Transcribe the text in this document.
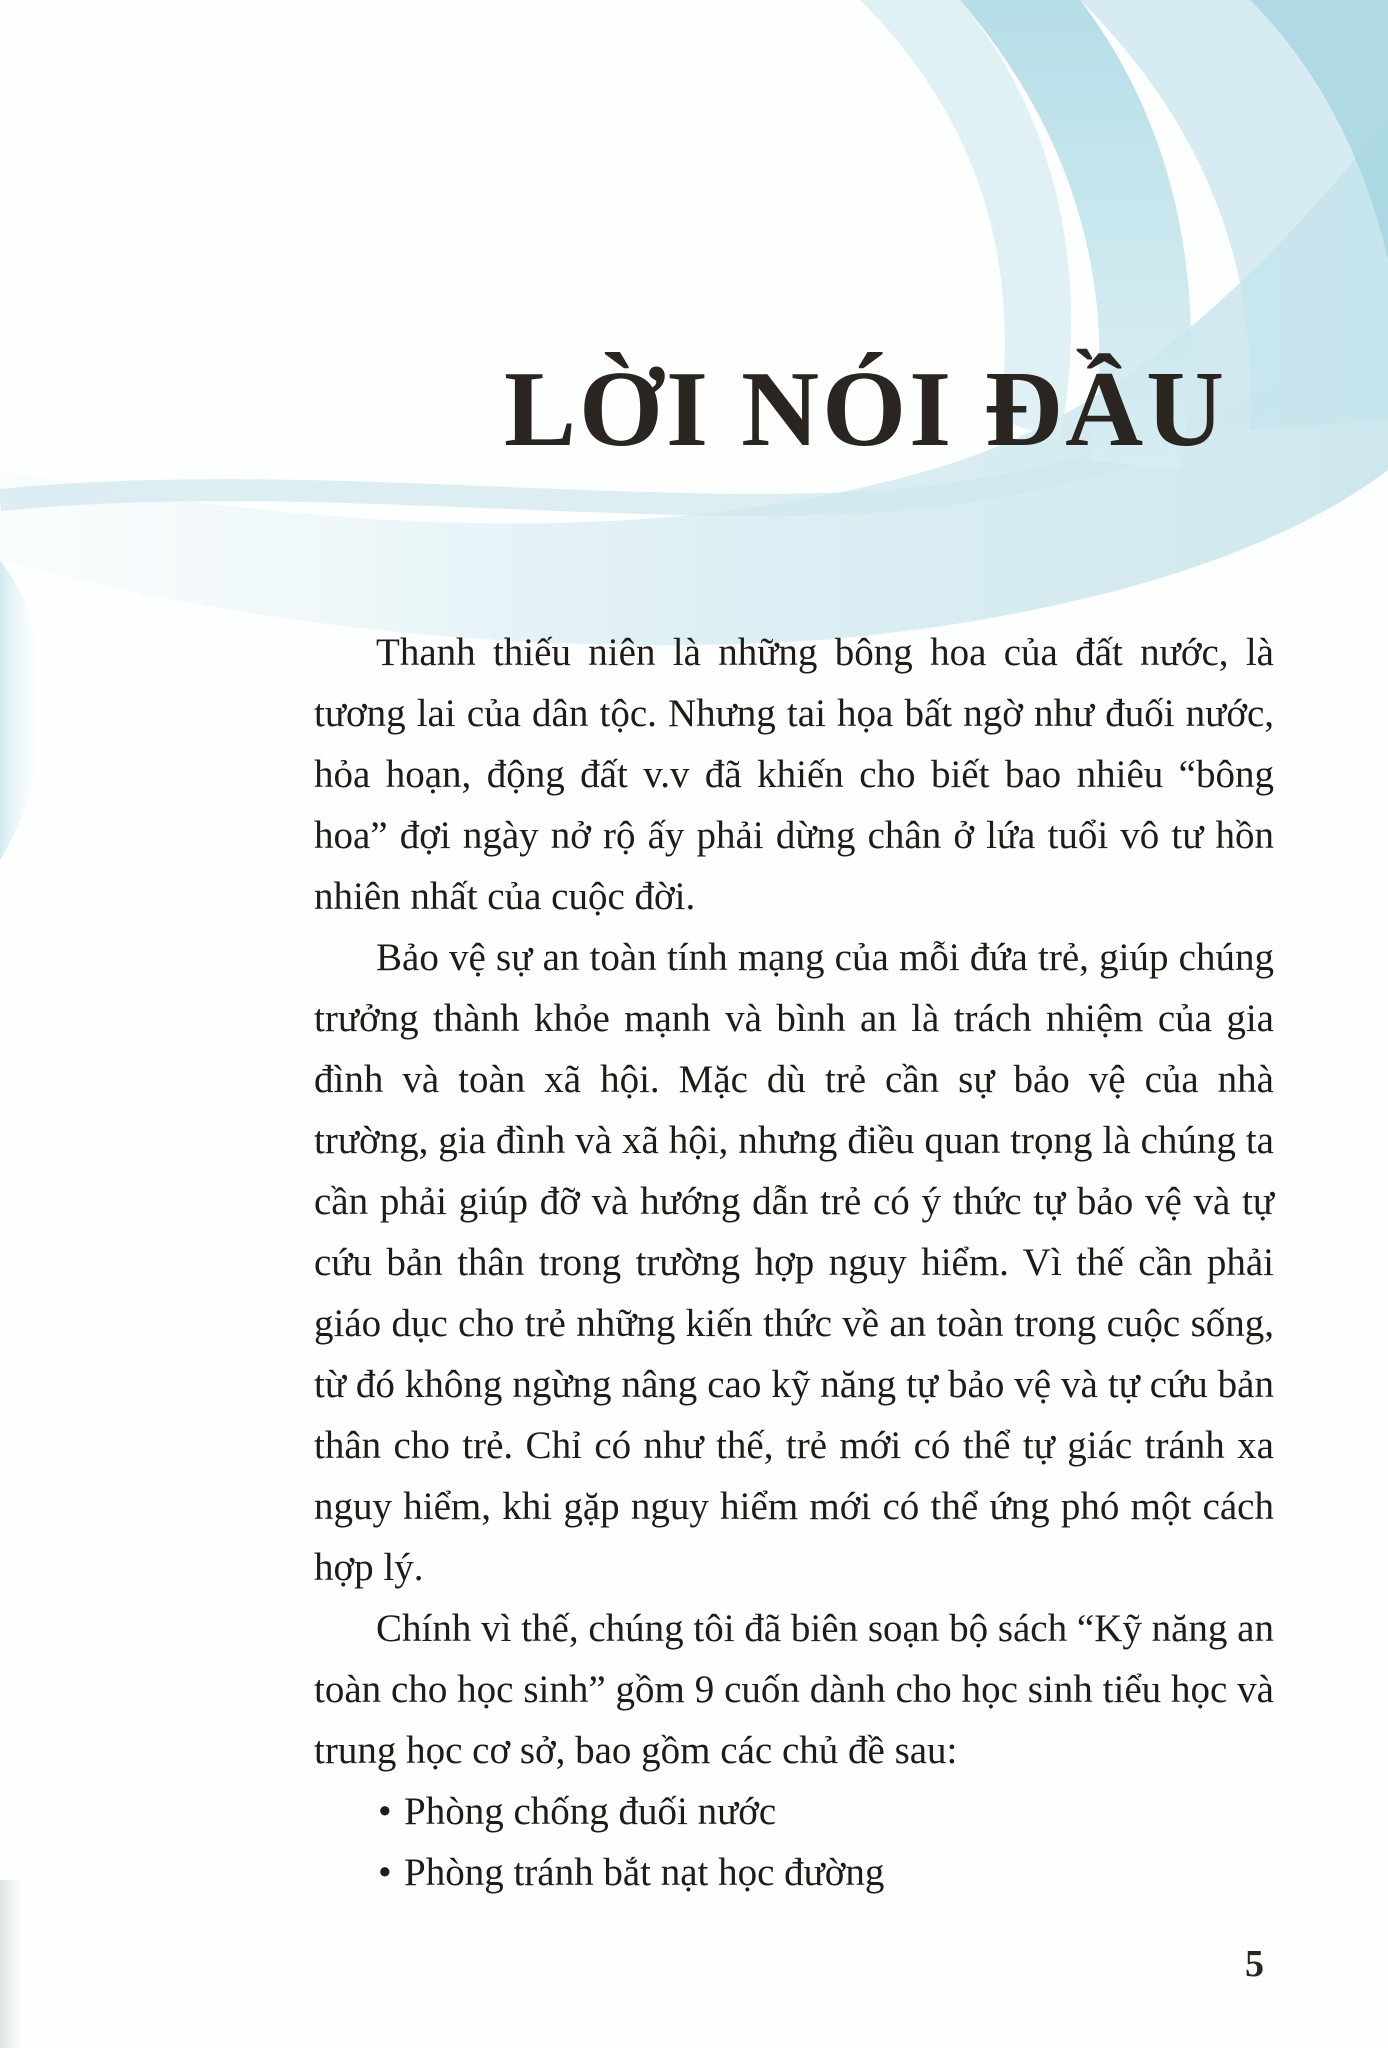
LỜI NÓI ĐẦU

Thanh thiếu niên là những bông hoa của đất nước, là tương lai của dân tộc. Nhưng tai họa bất ngờ như đuối nước, hỏa hoạn, động đất v.v đã khiến cho biết bao nhiêu “bông hoa” đợi ngày nở rộ ấy phải dừng chân ở lứa tuổi vô tư hồn nhiên nhất của cuộc đời.

Bảo vệ sự an toàn tính mạng của mỗi đứa trẻ, giúp chúng trưởng thành khỏe mạnh và bình an là trách nhiệm của gia đình và toàn xã hội. Mặc dù trẻ cần sự bảo vệ của nhà trường, gia đình và xã hội, nhưng điều quan trọng là chúng ta cần phải giúp đỡ và hướng dẫn trẻ có ý thức tự bảo vệ và tự cứu bản thân trong trường hợp nguy hiểm. Vì thế cần phải giáo dục cho trẻ những kiến thức về an toàn trong cuộc sống, từ đó không ngừng nâng cao kỹ năng tự bảo vệ và tự cứu bản thân cho trẻ. Chỉ có như thế, trẻ mới có thể tự giác tránh xa nguy hiểm, khi gặp nguy hiểm mới có thể ứng phó một cách hợp lý.

Chính vì thế, chúng tôi đã biên soạn bộ sách “Kỹ năng an toàn cho học sinh” gồm 9 cuốn dành cho học sinh tiểu học và trung học cơ sở, bao gồm các chủ đề sau:

• Phòng chống đuối nước
• Phòng tránh bắt nạt học đường
5
